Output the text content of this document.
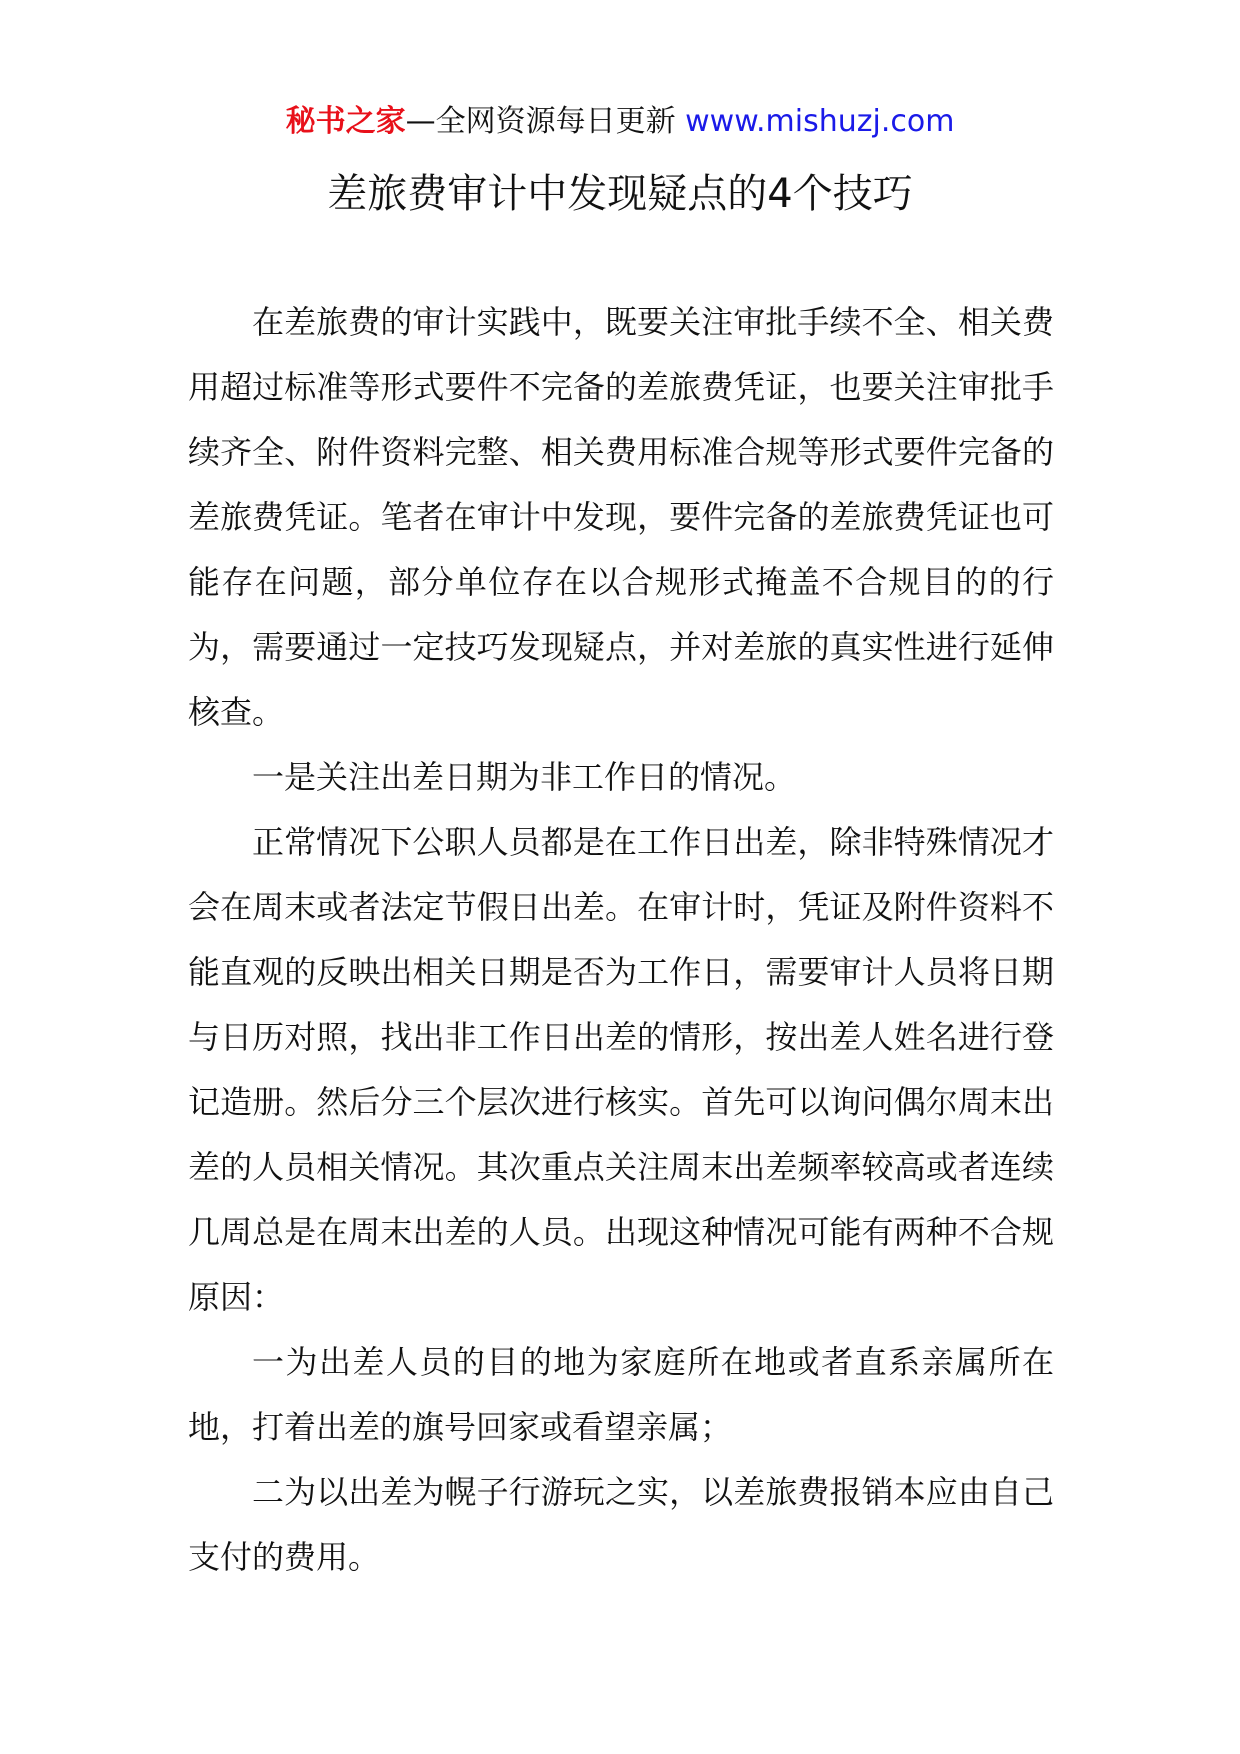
秘书之家—全网资源每日更新 www.mishuzj.com
差旅费审计中发现疑点的4个技巧

在差旅费的审计实践中，既要关注审批手续不全、相关费用超过标准等形式要件不完备的差旅费凭证，也要关注审批手续齐全、附件资料完整、相关费用标准合规等形式要件完备的差旅费凭证。笔者在审计中发现，要件完备的差旅费凭证也可能存在问题，部分单位存在以合规形式掩盖不合规目的的行为，需要通过一定技巧发现疑点，并对差旅的真实性进行延伸核查。

一是关注出差日期为非工作日的情况。

正常情况下公职人员都是在工作日出差，除非特殊情况才会在周末或者法定节假日出差。在审计时，凭证及附件资料不能直观的反映出相关日期是否为工作日，需要审计人员将日期与日历对照，找出非工作日出差的情形，按出差人姓名进行登记造册。然后分三个层次进行核实。首先可以询问偶尔周末出差的人员相关情况。其次重点关注周末出差频率较高或者连续几周总是在周末出差的人员。出现这种情况可能有两种不合规原因：

一为出差人员的目的地为家庭所在地或者直系亲属所在地，打着出差的旗号回家或看望亲属；

二为以出差为幌子行游玩之实，以差旅费报销本应由自己支付的费用。
